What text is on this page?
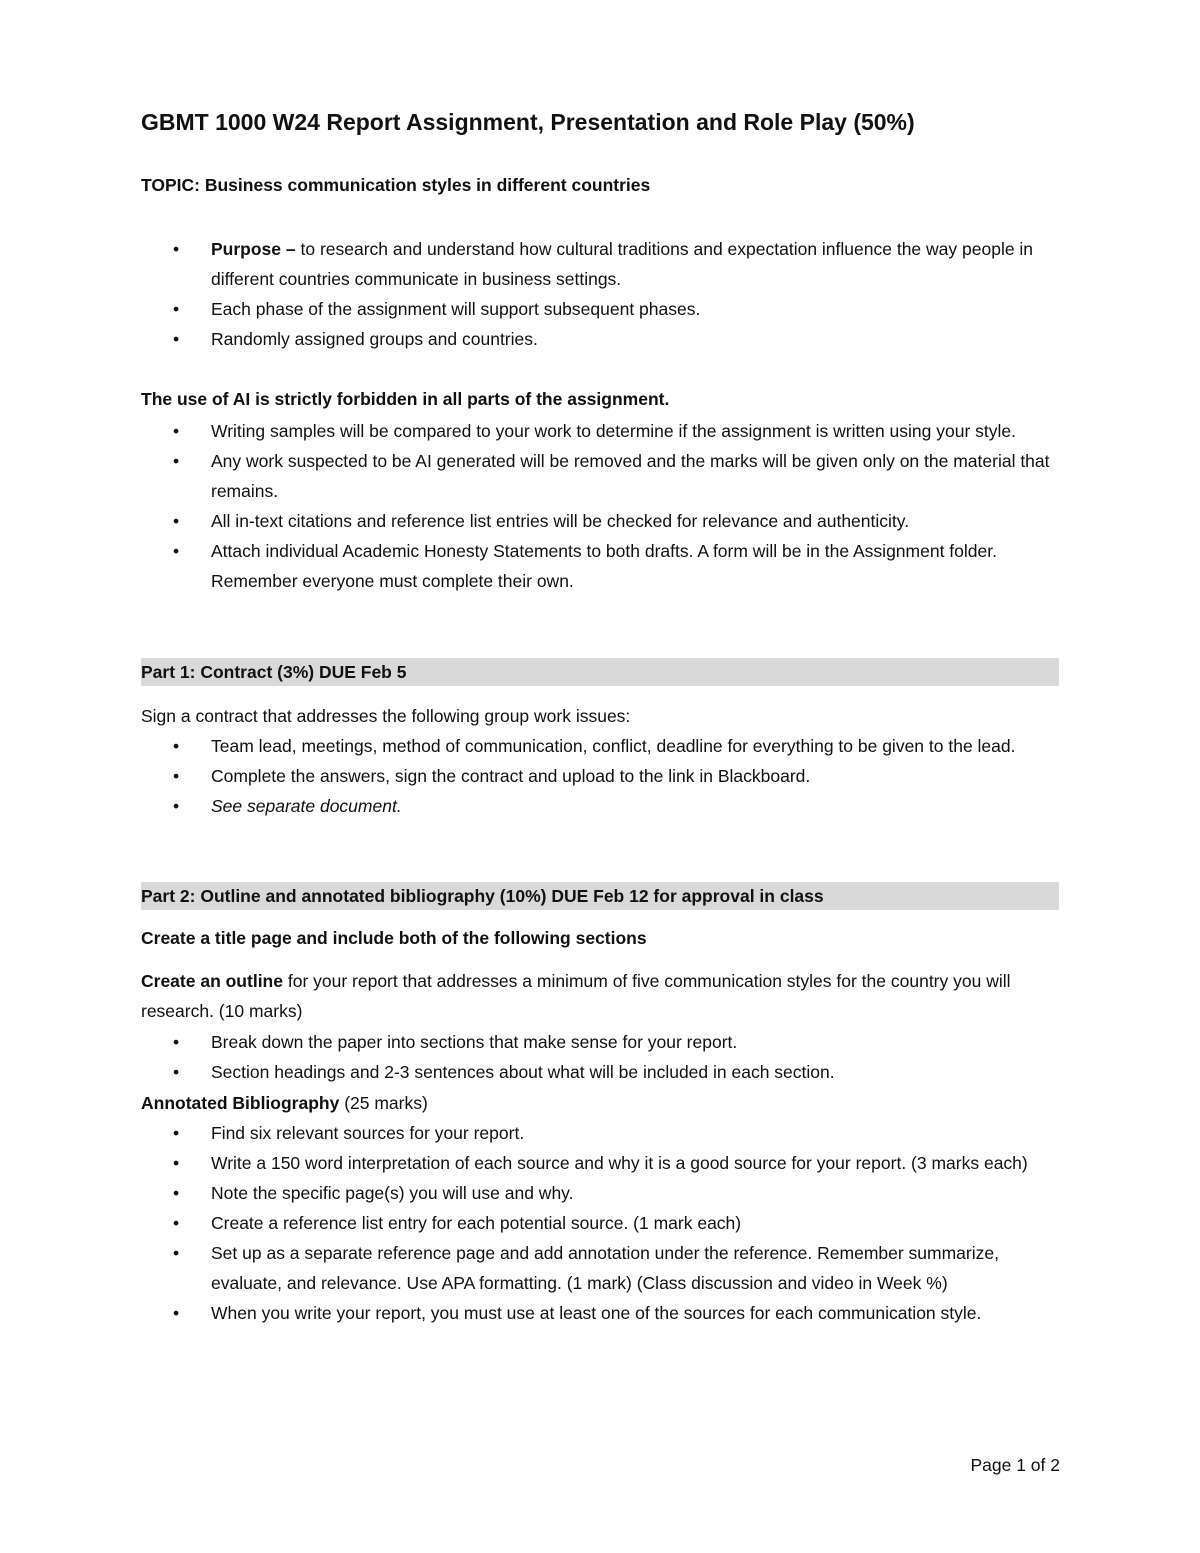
GBMT 1000 W24 Report Assignment, Presentation and Role Play (50%)
TOPIC: Business communication styles in different countries
• Purpose – to research and understand how cultural traditions and expectation influence the way people in different countries communicate in business settings.
• Each phase of the assignment will support subsequent phases.
• Randomly assigned groups and countries.
The use of AI is strictly forbidden in all parts of the assignment.
• Writing samples will be compared to your work to determine if the assignment is written using your style.
• Any work suspected to be AI generated will be removed and the marks will be given only on the material that remains.
• All in-text citations and reference list entries will be checked for relevance and authenticity.
• Attach individual Academic Honesty Statements to both drafts. A form will be in the Assignment folder. Remember everyone must complete their own.
Part 1: Contract (3%) DUE Feb 5
Sign a contract that addresses the following group work issues:
• Team lead, meetings, method of communication, conflict, deadline for everything to be given to the lead.
• Complete the answers, sign the contract and upload to the link in Blackboard.
• See separate document.
Part 2: Outline and annotated bibliography (10%) DUE Feb 12 for approval in class
Create a title page and include both of the following sections
Create an outline for your report that addresses a minimum of five communication styles for the country you will research. (10 marks)
• Break down the paper into sections that make sense for your report.
• Section headings and 2-3 sentences about what will be included in each section.
Annotated Bibliography (25 marks)
• Find six relevant sources for your report.
• Write a 150 word interpretation of each source and why it is a good source for your report. (3 marks each)
• Note the specific page(s) you will use and why.
• Create a reference list entry for each potential source. (1 mark each)
• Set up as a separate reference page and add annotation under the reference. Remember summarize, evaluate, and relevance. Use APA formatting. (1 mark) (Class discussion and video in Week %)
• When you write your report, you must use at least one of the sources for each communication style.
Page 1 of 2
